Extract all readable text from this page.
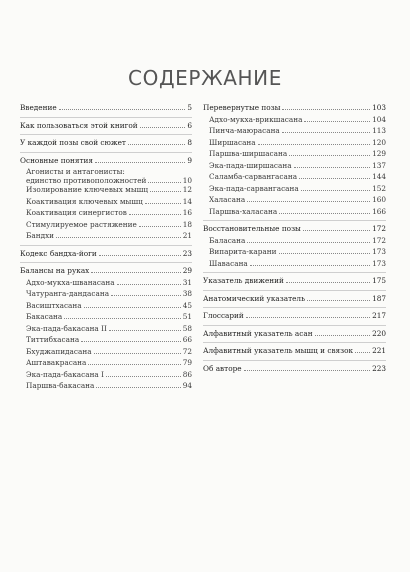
СОДЕРЖАНИЕ
Введение	5
Как пользоваться этой книгой	6
У каждой позы свой сюжет	8
Основные понятия	9
Агонисты и антагонисты:
единство противоположностей	10
Изолирование ключевых мышц	12
Коактивация ключевых мышц	14
Коактивация синергистов	16
Стимулируемое растяжение	18
Бандхи	21
Кодекс бандха-йоги	23
Балансы на руках	29
Адхо-мукха-шванасана	31
Чатуранга-дандасана	38
Васиштхасана	45
Бакасана	51
Эка-пада-бакасана II	58
Титтибхасана	66
Бхуджапидасана	72
Аштавакрасана	79
Эка-пада-бакасана I	86
Паршва-бакасана	94
Перевернутые позы	103
Адхо-мукха-врикшасана	104
Пинча-маюрасана	113
Ширшасана	120
Паршва-ширшасана	129
Эка-пада-ширшасана	137
Саламба-сарвангасана	144
Эка-пада-сарвангасана	152
Халасана	160
Паршва-халасана	166
Восстановительные позы	172
Баласана	172
Випарита-карани	173
Шавасана	173
Указатель движений	175
Анатомический указатель	187
Глоссарий	217
Алфавитный указатель асан	220
Алфавитный указатель мышц и связок	221
Об авторе	223
